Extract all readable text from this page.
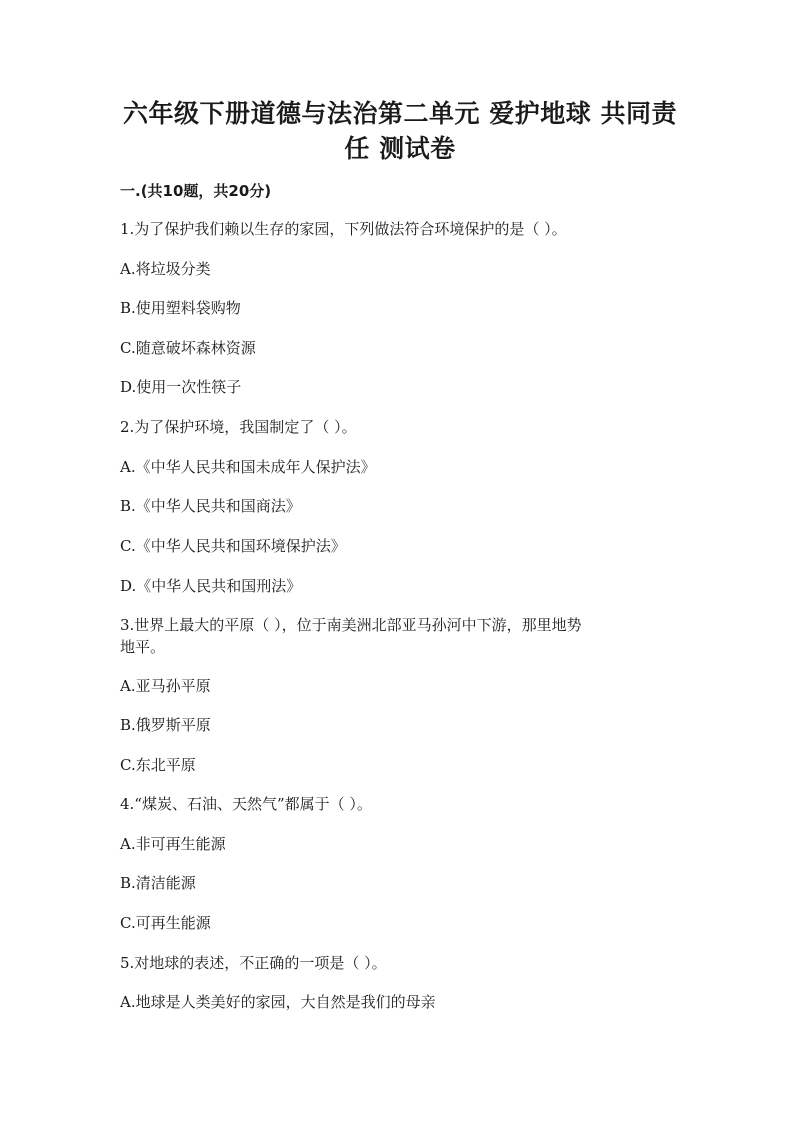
六年级下册道德与法治第二单元 爱护地球 共同责
任 测试卷
一.(共10题，共20分)
1.为了保护我们赖以生存的家园，下列做法符合环境保护的是（ ）。
A.将垃圾分类
B.使用塑料袋购物
C.随意破坏森林资源
D.使用一次性筷子
2.为了保护环境，我国制定了（ ）。
A.《中华人民共和国未成年人保护法》
B.《中华人民共和国商法》
C.《中华人民共和国环境保护法》
D.《中华人民共和国刑法》
3.世界上最大的平原（ ），位于南美洲北部亚马孙河中下游，那里地势
地平。
A.亚马孙平原
B.俄罗斯平原
C.东北平原
4.“煤炭、石油、天然气”都属于（ ）。
A.非可再生能源
B.清洁能源
C.可再生能源
5.对地球的表述，不正确的一项是（ ）。
A.地球是人类美好的家园，大自然是我们的母亲
